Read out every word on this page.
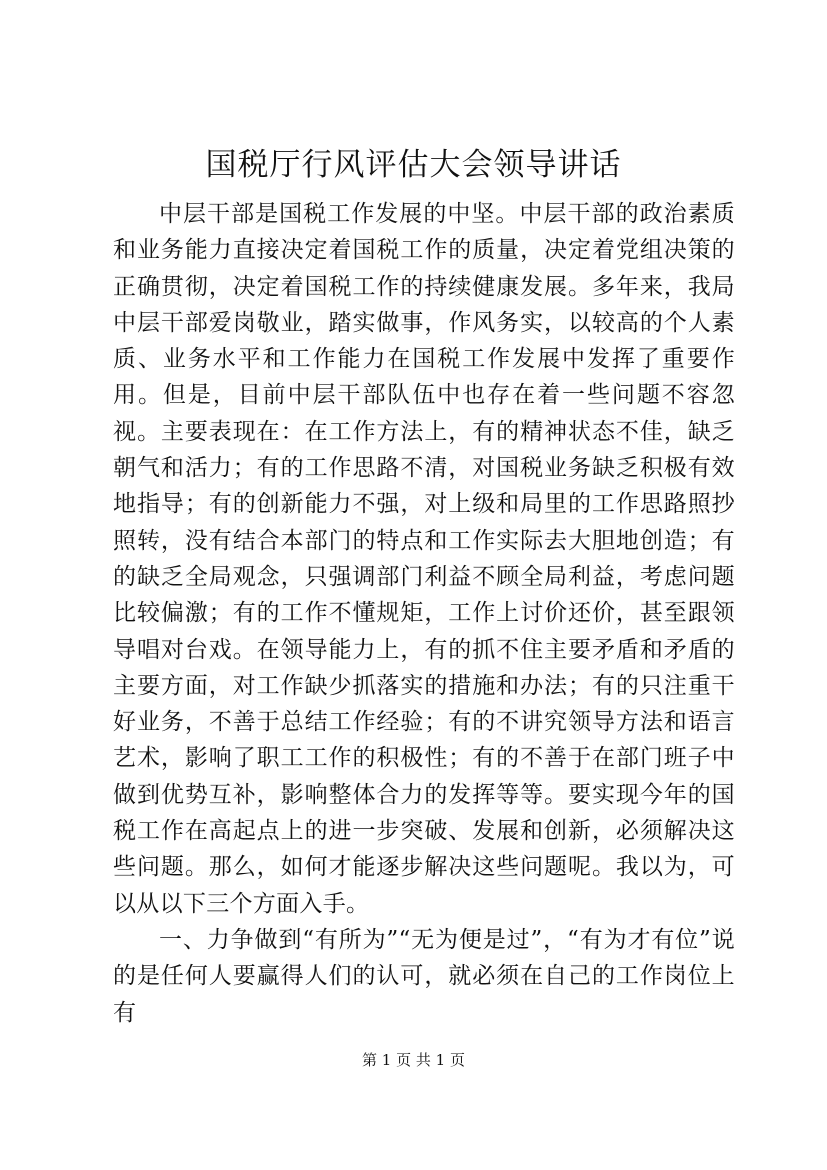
国税厅行风评估大会领导讲话

中层干部是国税工作发展的中坚。中层干部的政治素质和业务能力直接决定着国税工作的质量，决定着党组决策的正确贯彻，决定着国税工作的持续健康发展。多年来，我局中层干部爱岗敬业，踏实做事，作风务实，以较高的个人素质、业务水平和工作能力在国税工作发展中发挥了重要作用。但是，目前中层干部队伍中也存在着一些问题不容忽视。主要表现在：在工作方法上，有的精神状态不佳，缺乏朝气和活力；有的工作思路不清，对国税业务缺乏积极有效地指导；有的创新能力不强，对上级和局里的工作思路照抄照转，没有结合本部门的特点和工作实际去大胆地创造；有的缺乏全局观念，只强调部门利益不顾全局利益，考虑问题比较偏激；有的工作不懂规矩，工作上讨价还价，甚至跟领导唱对台戏。在领导能力上，有的抓不住主要矛盾和矛盾的主要方面，对工作缺少抓落实的措施和办法；有的只注重干好业务，不善于总结工作经验；有的不讲究领导方法和语言艺术，影响了职工工作的积极性；有的不善于在部门班子中做到优势互补，影响整体合力的发挥等等。要实现今年的国税工作在高起点上的进一步突破、发展和创新，必须解决这些问题。那么，如何才能逐步解决这些问题呢。我以为，可以从以下三个方面入手。

一、力争做到“有所为”“无为便是过”，“有为才有位”说的是任何人要赢得人们的认可，就必须在自己的工作岗位上有

第 1 页 共 1 页
